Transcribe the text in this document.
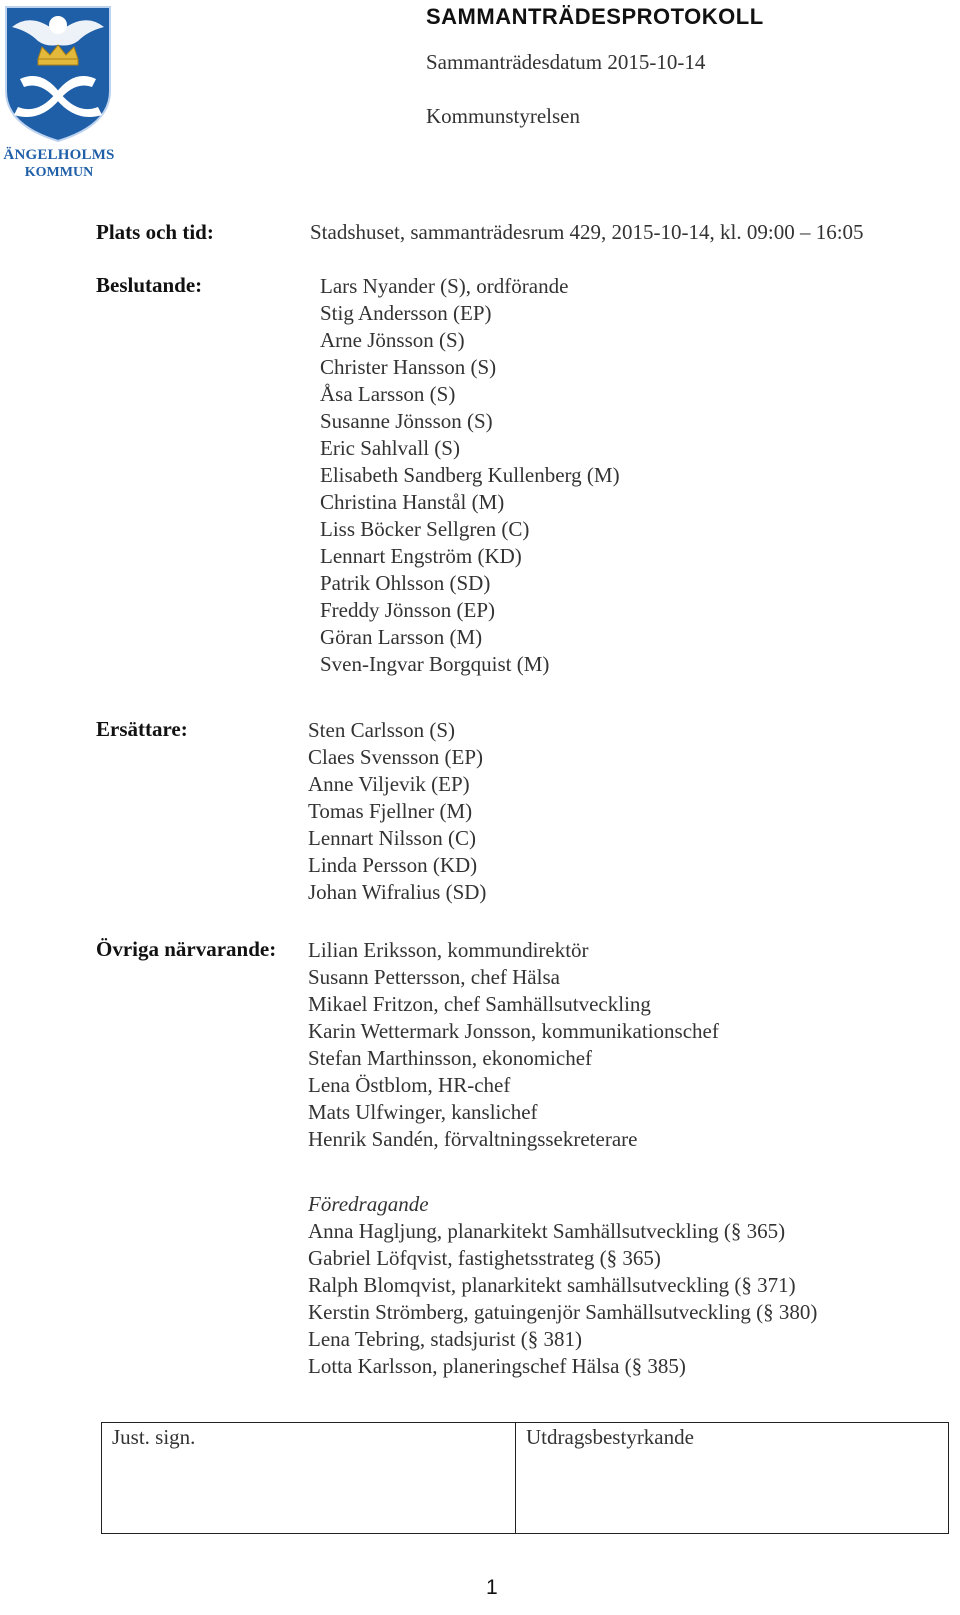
ÄNGELHOLMS
KOMMUN
SAMMANTRÄDESPROTOKOLL
Sammanträdesdatum 2015-10-14
Kommunstyrelsen
Plats och tid:	Stadshuset, sammanträdesrum 429, 2015-10-14, kl. 09:00 – 16:05
Beslutande:	Lars Nyander (S), ordförande
Stig Andersson (EP)
Arne Jönsson (S)
Christer Hansson (S)
Åsa Larsson (S)
Susanne Jönsson (S)
Eric Sahlvall (S)
Elisabeth Sandberg Kullenberg (M)
Christina Hanstål (M)
Liss Böcker Sellgren (C)
Lennart Engström (KD)
Patrik Ohlsson (SD)
Freddy Jönsson (EP)
Göran Larsson (M)
Sven-Ingvar Borgquist (M)
Ersättare:	Sten Carlsson (S)
Claes Svensson (EP)
Anne Viljevik (EP)
Tomas Fjellner (M)
Lennart Nilsson (C)
Linda Persson (KD)
Johan Wifralius (SD)
Övriga närvarande: Lilian Eriksson, kommundirektör
Susann Pettersson, chef Hälsa
Mikael Fritzon, chef Samhällsutveckling
Karin Wettermark Jonsson, kommunikationschef
Stefan Marthinsson, ekonomichef
Lena Östblom, HR-chef
Mats Ulfwinger, kanslichef
Henrik Sandén, förvaltningssekreterare
Föredragande
Anna Hagljung, planarkitekt Samhällsutveckling (§ 365)
Gabriel Löfqvist, fastighetsstrateg (§ 365)
Ralph Blomqvist, planarkitekt samhällsutveckling (§ 371)
Kerstin Strömberg, gatuingenjör Samhällsutveckling (§ 380)
Lena Tebring, stadsjurist (§ 381)
Lotta Karlsson, planeringschef Hälsa (§ 385)
Just. sign.	Utdragsbestyrkande
1
